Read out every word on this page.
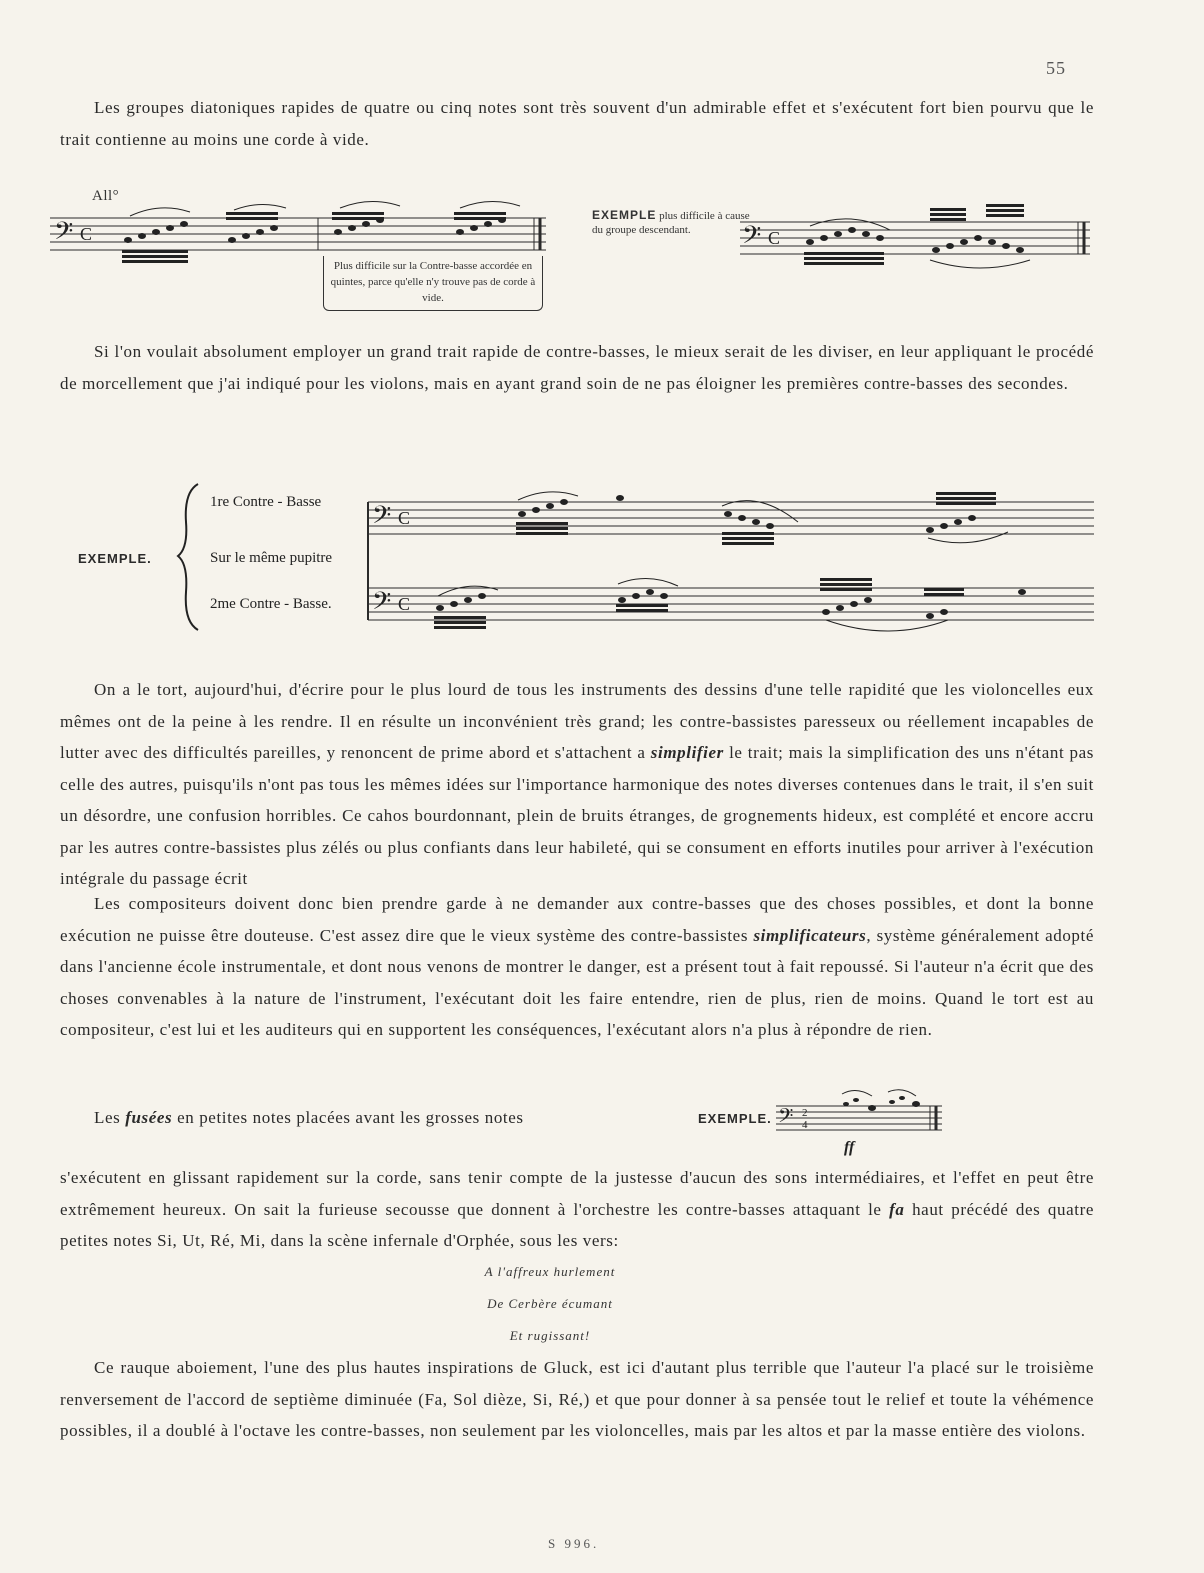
55

Les groupes diatoniques rapides de quatre ou cinq notes sont très souvent d'un admirable effet et s'exécutent fort bien pourvu que le trait contienne au moins une corde à vide.

All°
𝄢 C
Plus difficile sur la Contre-basse accordée en quintes, parce qu'elle n'y trouve pas de corde à vide.
EXEMPLE plus difficile à cause du groupe descendant.	𝄢 C

Si l'on voulait absolument employer un grand trait rapide de contre-basses, le mieux serait de les diviser, en leur appliquant le procédé de morcellement que j'ai indiqué pour les violons, mais en ayant grand soin de ne pas éloigner les premières contre-basses des secondes.

EXEMPLE.
1re Contre - Basse
Sur le même pupitre
2me Contre - Basse.
𝄢 C
𝄢 C

On a le tort, aujourd'hui, d'écrire pour le plus lourd de tous les instruments des dessins d'une telle rapidité que les violoncelles eux mêmes ont de la peine à les rendre. Il en résulte un inconvénient très grand; les contre-bassistes paresseux ou réellement incapables de lutter avec des difficultés pareilles, y renoncent de prime abord et s'attachent a simplifier le trait; mais la simplification des uns n'étant pas celle des autres, puisqu'ils n'ont pas tous les mêmes idées sur l'importance harmonique des notes diverses contenues dans le trait, il s'en suit un désordre, une confusion horribles. Ce cahos bourdonnant, plein de bruits étranges, de grognements hideux, est complété et encore accru par les autres contre-bassistes plus zélés ou plus confiants dans leur habileté, qui se consument en efforts inutiles pour arriver à l'exécution intégrale du passage écrit

Les compositeurs doivent donc bien prendre garde à ne demander aux contre-basses que des choses possibles, et dont la bonne exécution ne puisse être douteuse. C'est assez dire que le vieux système des contre-bassistes simplificateurs, système généralement adopté dans l'ancienne école instrumentale, et dont nous venons de montrer le danger, est a présent tout à fait repoussé. Si l'auteur n'a écrit que des choses convenables à la nature de l'instrument, l'exécutant doit les faire entendre, rien de plus, rien de moins. Quand le tort est au compositeur, c'est lui et les auditeurs qui en supportent les conséquences, l'exécutant alors n'a plus à répondre de rien.

Les fusées en petites notes placées avant les grosses notes	EXEMPLE. 𝄢 2
4
ff

s'exécutent en glissant rapidement sur la corde, sans tenir compte de la justesse d'aucun des sons intermédiaires, et l'effet en peut être extrêmement heureux. On sait la furieuse secousse que donnent à l'orchestre les contre-basses attaquant le fa haut précédé des quatre petites notes Si, Ut, Ré, Mi, dans la scène infernale d'Orphée, sous les vers:

A l'affreux hurlement
De Cerbère écumant
Et rugissant!

Ce rauque aboiement, l'une des plus hautes inspirations de Gluck, est ici d'autant plus terrible que l'auteur l'a placé sur le troisième renversement de l'accord de septième diminuée (Fa, Sol dièze, Si, Ré,) et que pour donner à sa pensée tout le relief et toute la véhémence possibles, il a doublé à l'octave les contre-basses, non seulement par les violoncelles, mais par les altos et par la masse entière des violons.

S 996.
